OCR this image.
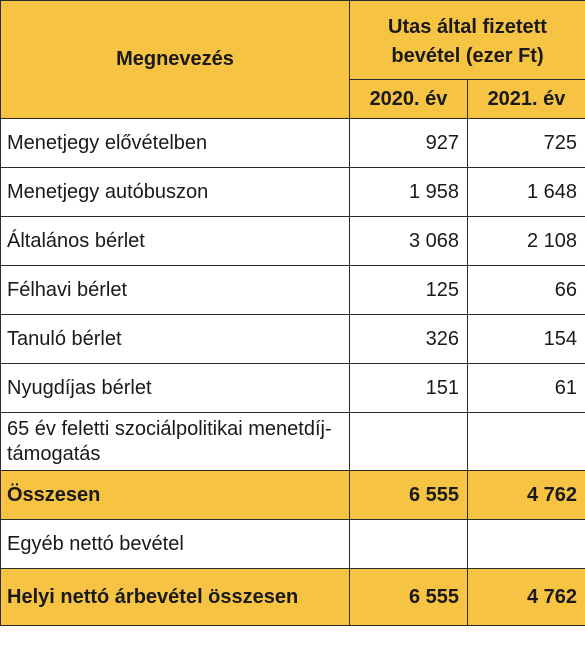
Megnevezés	Utas által fizetett bevétel (ezer Ft)	
	2020. év	2021. év
Menetjegy elővételben	927	725
Menetjegy autóbuszon	1 958	1 648
Általános bérlet	3 068	2 108
Félhavi bérlet	125	66
Tanuló bérlet	326	154
Nyugdíjas bérlet	151	61
65 év feletti szociálpolitikai menetdíj-támogatás		
Összesen	6 555	4 762
Egyéb nettó bevétel		
Helyi nettó árbevétel összesen	6 555	4 762
